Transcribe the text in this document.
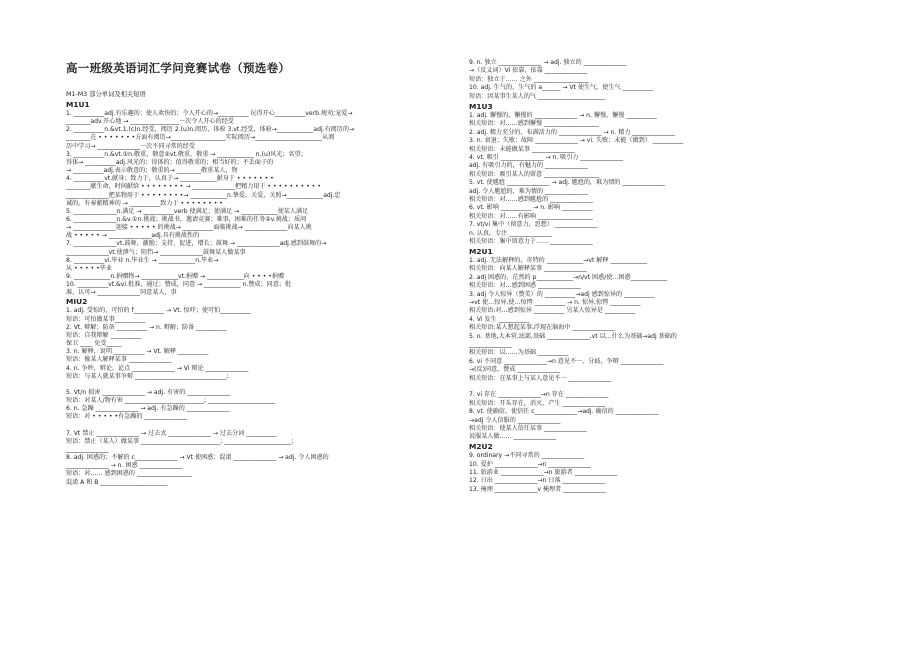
高一班级英语词汇学问竞赛试卷（预选卷）
M1-M3 部分单词及相关短语
M1U1
1. __________adj.有乐趣的；使人欢快的；令人开心的→__________ 玩得开心__________verb.规劝;宠爱→
________adv.开心地 → ________________一次令人开心的经受
2. __________n.&vt.1.(c)n.经受，阅历 2.(u)n.阅历，体验 3.vt.经受，体验→____________adj.有阅历的→
________在 • • • • • • •方面有阅历→__________________实际阅历→______________________从阅
历中学习→ ______________一次不同寻常的经受
3. __________n.&vt.①n.敬重，敬意②vt.敬重，敬重 → ____________ n.(u)风光；名望；
得体→ __________adj.风光的；得体的；值得敬重的；相当好的；不丢面子的
→ __________adj.表示敬意的；敬重的→ ________敬重某人，物
4. __________vt.献身；致力于，认真于→ ____________献身于 • • • • • • •
________献生命，时间献给 • • • • • • • • → ______________把精力用于 • • • • • • • • • •
______________把某物用于 • • • • • • • •→ ____________n.挚爱，关爱，关照→____________adj.忠
诚的，有奉献精神的 → __________致力于 • • • • • • • •
5. ______________n.满足 → __________verb 使满足；使满足 → ____________使某人满足
6. ______________n.&v.①n.挑战；挑战书，邀请竞赛；难事，困难的任务②v.挑战；质问
→ ______________迎接 • • • • • 的挑战→ __________面临挑战→ ______________向某人挑
战 • • • • • → ______________adj.具有挑战性的
7. ______________vt.鼓舞，激励；支持，促进，增长；鼓舞 → ______________adj.感到鼓舞的→
______________vt.使泄气；阻挡→ ______________鼓舞某人做某事
8. __________vi.毕业 n.毕业生 → ____________n.毕业→
从 • • • • •毕业
9. ____________n.捐赠物→ ____________vt.捐赠 → ____________向 • • • •捐赠
10. __________vt.&vi.批准，通过；赞成，同意 → ____________ n.赞成；同意；批
准，认可→ ______________同意某人，事
MIU2
1. adj. 受惊的，可怕的 f__________ → Vt. 惊吓；使可怕__________
短语：可怕做某事__________
2. Vt. 辩解；防备 __________ → n. 辩解；防备 __________
短语：自我辩解 __________
保卫 ____ 免受_____
3. n. 解释，说明 __________ → Vt. 解释 __________
短语：像某人解释某事 ______________
4. n. 争吵，辩论，论点 ______________ → Vi 辩论 ______________
短语：与某人就某事争辩 ______________________________;
5. Vt/n 损害 ______________ → adj. 有害的 ______________
短语：对某人/物有害 __________________________; ______________________
6. n. 急躁 ______________ → adj. 有急躁的 ______________
短语：对 • • • • •有急躁的 ______________
7. Vt 禁止 ______________ → 过去式 ______________ → 过去分词 __________
短语：禁止（某人）做某事 __________________________; ______________________;
______________
8. adj. 困惑的；不解的 c______________ → Vt 使困惑；混淆 ______________ → adj. 令人困惑的
______________ → n. 困惑 ______________
短语：对…… 感到困惑的 __________________
混淆 A 和 B ______________________
9. n. 独立 ______________ → adj. 独立的 ______________
→（反义词）Vi 依靠，依靠 ______________
短语：独立于…… 之外 __________________
10. adj. 生气的，生气的 a______ → Vt 使生气，使生气 __________
短语：因某事生某人的气 ______________________
M1U3
1. adj. 懈慢的，懈慢的 ______________ → n. 懈慢，懈慢 __________
相关短语：对……感到懈慢 __________________
2. adj. 精力充分的，布满活力的 ______________ → n. 精力 ______________
3. n. 衰退；失败；故障 ______________ → vi. 失败；未能（做到） __________
相关短语：未能做某事 ______________
4. vt. 吸引 ______________ → n. 吸引力 ______________
adj. 有吸引力的，有魅力的 ______________
相关短语：吸引某人的留意 __________________
5. vt. 使尴尬 ______________ → adj. 尴尬的，难为情的 ______________
adj. 令人尴尬的，难为情的 ______________
相关短语：对……感到尴尬的 ______________
6. vt. 影响 __________ → n. 影响 __________
相关短语：对……有影响 __________________
7. vt/vi 集中（留意力，思想） ______________
n. 认真，专注 ______________
相关短语：集中留意力于…… ______________
M2U1
1. adj. 无法解释的，奇特的 ____________→vt 解释 ____________
相关短语：向某人解释某事 ______________
2. adj 困惑的，茫然的 p____________→n/vt 困惑/使…困惑____________
相关短语：对…感到困惑 ______________
3. adj 令人惊异（赞美）的 __________→adj 感到惊异的 __________
→vt 使…惊异,使…惊愕 __________ → n. 惊异,惊愕 __________
相关短语:对…感到惊异 __________ 另某人惊异是 __________
4. Vi 发生 __________
相关短语:某人想起某事,浮现在脑海中 ______________
5. n. 基地,大本营,底部,基础 ______________,vt 以…什么为基础→adj 基础的
______________
相关短语：以……为基础 __________
6. vi 不同意 ______________→n 意见不一，分歧，争辩 ______________
→(反)同意，赞成 ______________
相关短语：在某事上与某人意见不一 ______________
7. vi 存在 ______________→n 存在 ______________
相关短语：开头存在，消灭，产生 ______________
8. vt. 使确信，使信任 c______________→adj. 确信的 ______________
→adj 令人信服的 ______________
相关短语：使某人信任某事 ______________
说服某人做…… ______________
M2U2
9. ordinary →不同寻常的 ______________
10. 爱护 ______________→n ______________
11. 旅游业 ______________→n 旅游者 ______________
12. 日出 ______________→n 日落 ______________
13. 掩埋 ______________v 掩埋者 ______________
